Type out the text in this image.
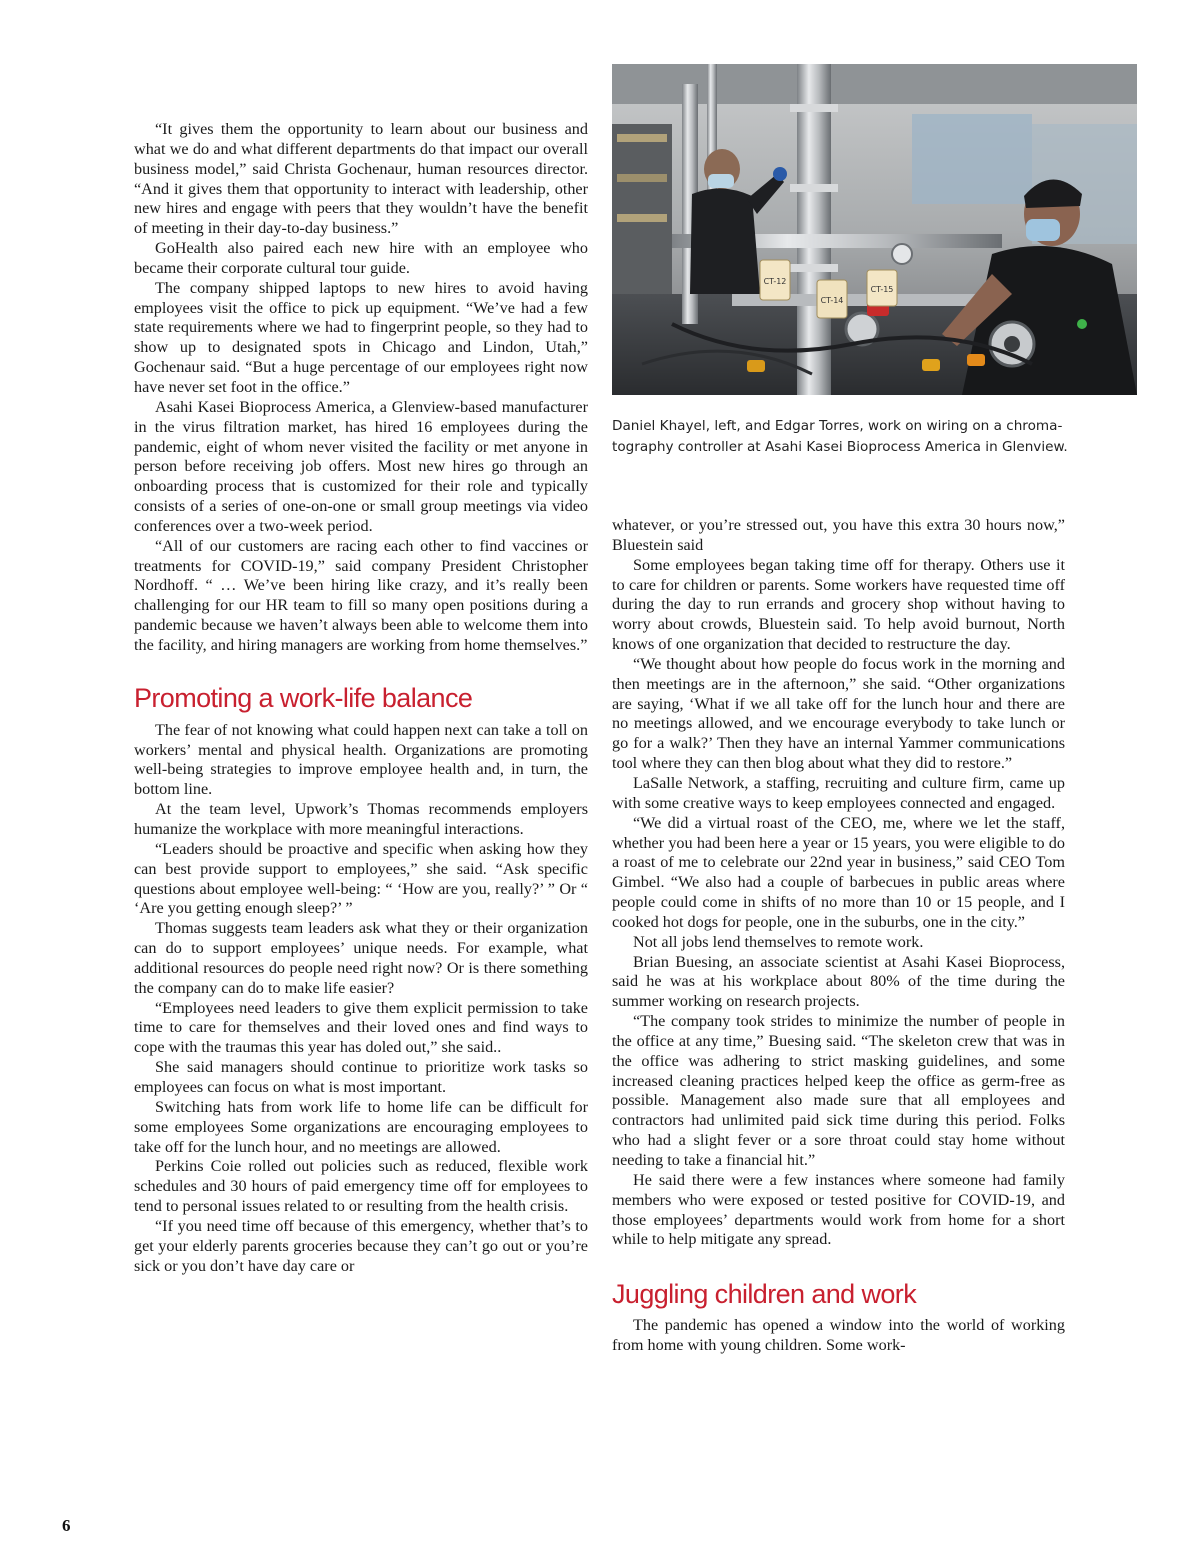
“It gives them the opportunity to learn about our business and what we do and what different departments do that impact our overall business model,” said Christa Gochenaur, human resources director. “And it gives them that opportunity to interact with leadership, other new hires and engage with peers that they wouldn’t have the benefit of meeting in their day-to-day business.”

GoHealth also paired each new hire with an employee who became their corporate cultural tour guide.

The company shipped laptops to new hires to avoid having employees visit the office to pick up equipment. “We’ve had a few state requirements where we had to fingerprint people, so they had to show up to designated spots in Chicago and Lindon, Utah,” Gochenaur said. “But a huge percentage of our employees right now have never set foot in the office.”

Asahi Kasei Bioprocess America, a Glenview-based manufacturer in the virus filtration market, has hired 16 employees during the pandemic, eight of whom never visited the facility or met anyone in person before receiving job offers. Most new hires go through an onboarding process that is customized for their role and typically consists of a series of one-on-one or small group meetings via video conferences over a two-week period.

“All of our customers are racing each other to find vaccines or treatments for COVID-19,” said company President Christopher Nordhoff. “ … We’ve been hiring like crazy, and it’s really been challenging for our HR team to fill so many open positions during a pandemic because we haven’t always been able to welcome them into the facility, and hiring managers are working from home themselves.”

Promoting a work-life balance

The fear of not knowing what could happen next can take a toll on workers’ mental and physical health. Organizations are promoting well-being strategies to improve employee health and, in turn, the bottom line.

At the team level, Upwork’s Thomas recommends employers humanize the workplace with more meaningful interactions.

“Leaders should be proactive and specific when asking how they can best provide support to employees,” she said. “Ask specific questions about employee well-being: “ ‘How are you, really?’ ” Or “ ‘Are you getting enough sleep?’ ”

Thomas suggests team leaders ask what they or their organization can do to support employees’ unique needs. For example, what additional resources do people need right now? Or is there something the company can do to make life easier?

“Employees need leaders to give them explicit permission to take time to care for themselves and their loved ones and find ways to cope with the traumas this year has doled out,” she said..

She said managers should continue to prioritize work tasks so employees can focus on what is most important.

Switching hats from work life to home life can be difficult for some employees Some organizations are encouraging employees to take off for the lunch hour, and no meetings are allowed.

Perkins Coie rolled out policies such as reduced, flexible work schedules and 30 hours of paid emergency time off for employees to tend to personal issues related to or resulting from the health crisis.

“If you need time off because of this emergency, whether that’s to get your elderly parents groceries because they can’t go out or you’re sick or you don’t have day care or

CT-12
CT-14
CT-15
Daniel Khayel, left, and Edgar Torres, work on wiring on a chroma-
tography controller at Asahi Kasei Bioprocess America in Glenview.

whatever, or you’re stressed out, you have this extra 30 hours now,” Bluestein said

Some employees began taking time off for therapy. Others use it to care for children or parents. Some workers have requested time off during the day to run errands and grocery shop without having to worry about crowds, Bluestein said. To help avoid burnout, North knows of one organization that decided to restructure the day.

“We thought about how people do focus work in the morning and then meetings are in the afternoon,” she said. “Other organizations are saying, ‘What if we all take off for the lunch hour and there are no meetings allowed, and we encourage everybody to take lunch or go for a walk?’ Then they have an internal Yammer communications tool where they can then blog about what they did to restore.”

LaSalle Network, a staffing, recruiting and culture firm, came up with some creative ways to keep employees connected and engaged.

“We did a virtual roast of the CEO, me, where we let the staff, whether you had been here a year or 15 years, you were eligible to do a roast of me to celebrate our 22nd year in business,” said CEO Tom Gimbel. “We also had a couple of barbecues in public areas where people could come in shifts of no more than 10 or 15 people, and I cooked hot dogs for people, one in the suburbs, one in the city.”

Not all jobs lend themselves to remote work.

Brian Buesing, an associate scientist at Asahi Kasei Bioprocess, said he was at his workplace about 80% of the time during the summer working on research projects.

“The company took strides to minimize the number of people in the office at any time,” Buesing said. “The skeleton crew that was in the office was adhering to strict masking guidelines, and some increased cleaning practices helped keep the office as germ-free as possible. Management also made sure that all employees and contractors had unlimited paid sick time during this period. Folks who had a slight fever or a sore throat could stay home without needing to take a financial hit.”

He said there were a few instances where someone had family members who were exposed or tested positive for COVID-19, and those employees’ departments would work from home for a short while to help mitigate any spread.

Juggling children and work

The pandemic has opened a window into the world of working from home with young children. Some work-

6
